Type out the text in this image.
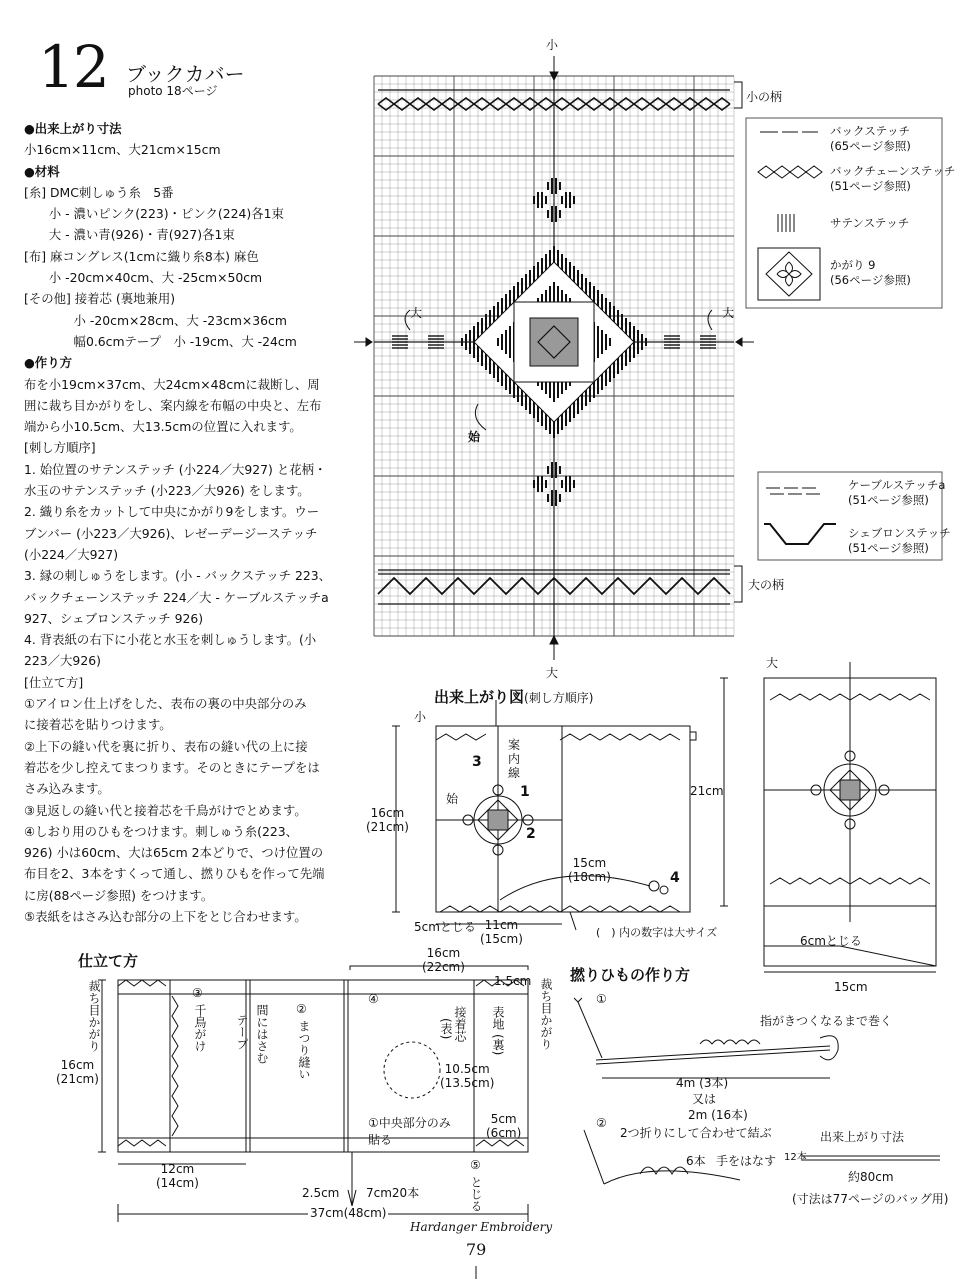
12 ブックカバー
photo 18ページ

●出来上がり寸法

小16cm×11cm、大21cm×15cm

●材料

[糸] DMC刺しゅう糸　5番

　　小 - 濃いピンク(223)・ピンク(224)各1束

　　大 - 濃い青(926)・青(927)各1束

[布] 麻コングレス(1cmに織り糸8本) 麻色

　　小 -20cm×40cm、大 -25cm×50cm

[その他] 接着芯 (裏地兼用)

　　　　小 -20cm×28cm、大 -23cm×36cm

　　　　幅0.6cmテープ　小 -19cm、大 -24cm

●作り方

布を小19cm×37cm、大24cm×48cmに裁断し、周

囲に裁ち目かがりをし、案内線を布幅の中央と、左布

端から小10.5cm、大13.5cmの位置に入れます。

[刺し方順序]

1. 始位置のサテンステッチ (小224／大927) と花柄・

水玉のサテンステッチ (小223／大926) をします。

2. 織り糸をカットして中央にかがり9をします。ウー

ブンバー (小223／大926)、レゼーデージーステッチ

(小224／大927)

3. 縁の刺しゅうをします。(小 - バックステッチ 223、

バックチェーンステッチ 224／大 - ケーブルステッチa

927、シェブロンステッチ 926)

4. 背表紙の右下に小花と水玉を刺しゅうします。(小

223／大926)

[仕立て方]

①アイロン仕上げをした、表布の裏の中央部分のみ

に接着芯を貼りつけます。

②上下の縫い代を裏に折り、表布の縫い代の上に接

着芯を少し控えてまつります。そのときにテープをは

さみ込みます。

③見返しの縫い代と接着芯を千鳥がけでとめます。

④しおり用のひもをつけます。刺しゅう糸(223、

926) 小は60cm、大は65cm 2本どりで、つけ位置の

布目を2、3本をすくって通し、撚りひもを作って先端

に房(88ページ参照) をつけます。

⑤表紙をはさみ込む部分の上下をとじ合わせます。

小
大
大	大
始
小の柄
大の柄
バックステッチ
(65ページ参照)
バックチェーンステッチ
(51ページ参照)
サテンステッチ
かがり 9
(56ページ参照)
ケーブルステッチa
(51ページ参照)
シェブロンステッチ
(51ページ参照)
出来上がり図(刺し方順序)
小
大
案内線
始
3
1
2
4
16cm
(21cm)
15cm
(18cm)
5cmとじる 11cm
(15cm)	(　) 内の数字は大サイズ
21cm
6cmとじる
15cm
仕立て方	16cm
(22cm)
裁ち目かがり
16cm
(21cm)
裁ち目かがり
③
千鳥がけ テープ 間にはさむ ②
まつり縫い
④
接着芯
(表)	表地
(裏)
1.5cm
10.5cm
(13.5cm)
5cm
(6cm)
①中央部分のみ
貼る
12cm
(14cm)
2.5cm 7cm20本
⑤
とじる
37cm(48cm)
撚りひもの作り方
①
指がきつくなるまで巻く
4m (3本)
又は
2m (16本)
②
2つ折りにして合わせて結ぶ
6本 手をはなす
出来上がり寸法
12本
約80cm
(寸法は77ページのバッグ用)
Hardanger Embroidery
79
